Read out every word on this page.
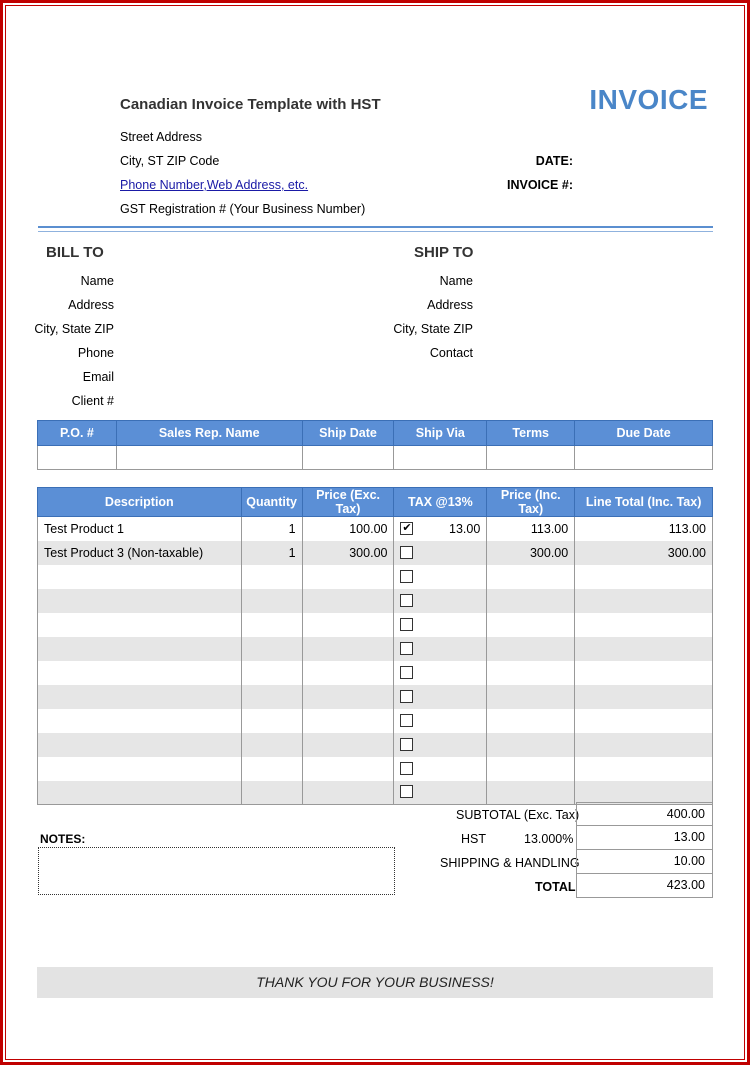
Canadian Invoice Template with HST	INVOICE
Street Address
City, ST ZIP Code
Phone Number,Web Address, etc.
GST Registration # (Your Business Number)
DATE:
INVOICE #:
BILL TO
Name
Address
City, State ZIP
Phone
Email
Client #
SHIP TO
Name
Address
City, State ZIP
Contact
P.O. #	Sales Rep. Name	Ship Date	Ship Via	Terms	Due Date

Description	Quantity	Price (Exc. Tax)	TAX @13%	Price (Inc. Tax)	Line Total (Inc. Tax)
Test Product 1	1	100.00	✔ 13.00	113.00	113.00
Test Product 3 (Non-taxable)	1	300.00		300.00	300.00

SUBTOTAL (Exc. Tax)	400.00
HST	13.000%	13.00
SHIPPING & HANDLING	10.00
TOTAL	423.00
NOTES:
THANK YOU FOR YOUR BUSINESS!
